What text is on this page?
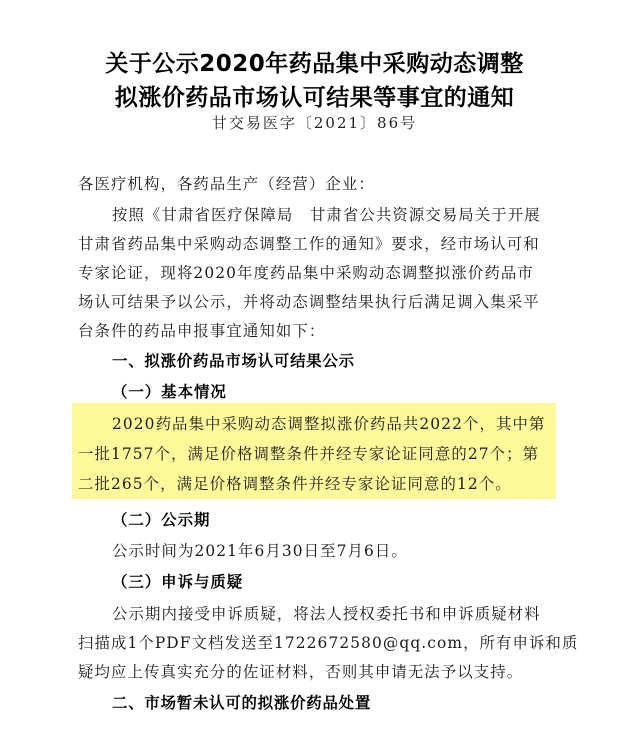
关于公示2020年药品集中采购动态调整
拟涨价药品市场认可结果等事宜的通知
甘交易医字〔2021〕86号
各医疗机构，各药品生产（经营）企业：
按照《甘肃省医疗保障局　甘肃省公共资源交易局关于开展
甘肃省药品集中采购动态调整工作的通知》要求，经市场认可和
专家论证，现将2020年度药品集中采购动态调整拟涨价药品市
场认可结果予以公示，并将动态调整结果执行后满足调入集采平
台条件的药品申报事宜通知如下：
一、拟涨价药品市场认可结果公示
（一）基本情况
2020药品集中采购动态调整拟涨价药品共2022个，其中第
一批1757个，满足价格调整条件并经专家论证同意的27个；第
二批265个，满足价格调整条件并经专家论证同意的12个。
（二）公示期
公示时间为2021年6月30日至7月6日。
（三）申诉与质疑
公示期内接受申诉质疑，将法人授权委托书和申诉质疑材料
扫描成1个PDF文档发送至1722672580@qq.com，所有申诉和质
疑均应上传真实充分的佐证材料，否则其申请无法予以支持。
二、市场暂未认可的拟涨价药品处置
